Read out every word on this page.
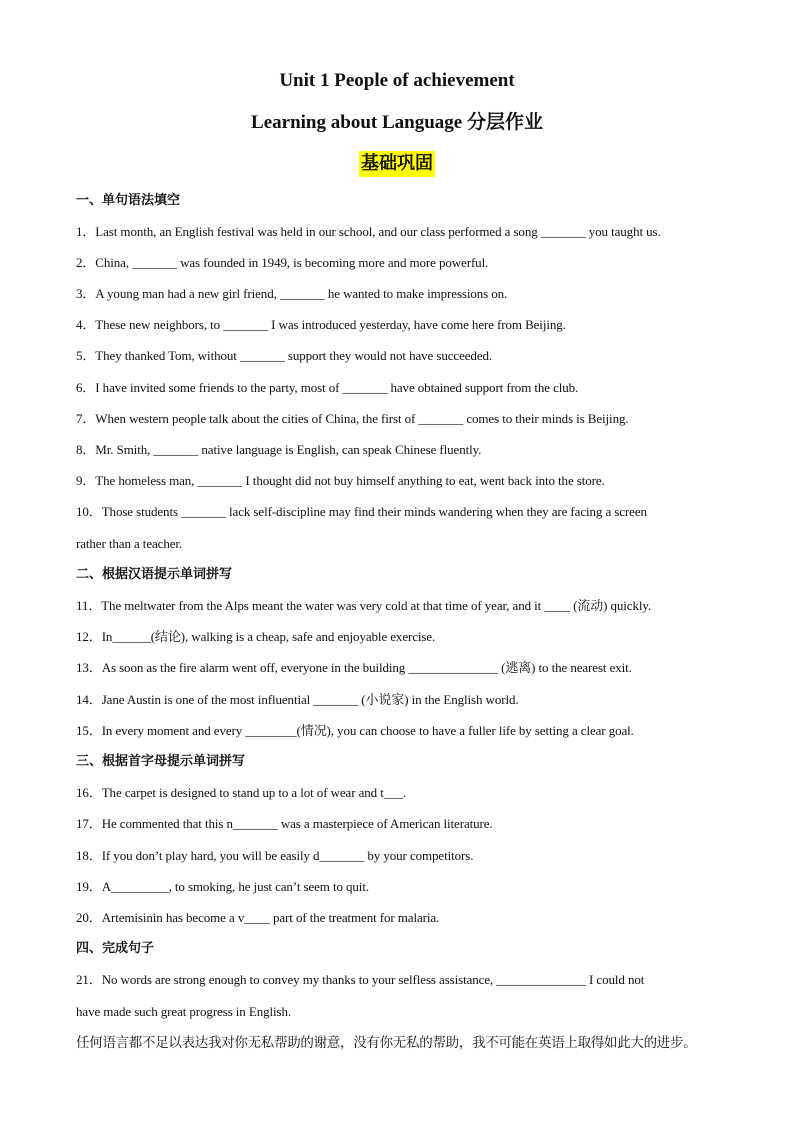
Unit 1 People of achievement
Learning about Language 分层作业
基础巩固
一、单句语法填空
1．Last month, an English festival was held in our school, and our class performed a song _______ you taught us.
2．China, _______ was founded in 1949, is becoming more and more powerful.
3．A young man had a new girl friend, _______ he wanted to make impressions on.
4．These new neighbors, to _______ I was introduced yesterday, have come here from Beijing.
5．They thanked Tom, without _______ support they would not have succeeded.
6．I have invited some friends to the party, most of _______ have obtained support from the club.
7．When western people talk about the cities of China, the first of _______ comes to their minds is Beijing.
8．Mr. Smith, _______ native language is English, can speak Chinese fluently.
9．The homeless man, _______ I thought did not buy himself anything to eat, went back into the store.
10．Those students _______ lack self-discipline may find their minds wandering when they are facing a screen
rather than a teacher.
二、根据汉语提示单词拼写
11．The meltwater from the Alps meant the water was very cold at that time of year, and it ____ (流动) quickly.
12．In______(结论), walking is a cheap, safe and enjoyable exercise.
13．As soon as the fire alarm went off, everyone in the building ______________ (逃离) to the nearest exit.
14．Jane Austin is one of the most influential _______ (小说家) in the English world.
15．In every moment and every ________(情况), you can choose to have a fuller life by setting a clear goal.
三、根据首字母提示单词拼写
16．The carpet is designed to stand up to a lot of wear and t___.
17．He commented that this n_______ was a masterpiece of American literature.
18．If you don’t play hard, you will be easily d_______ by your competitors.
19．A_________, to smoking, he just can’t seem to quit.
20．Artemisinin has become a v____ part of the treatment for malaria.
四、完成句子
21．No words are strong enough to convey my thanks to your selfless assistance, ______________ I could not
have made such great progress in English.
任何语言都不足以表达我对你无私帮助的谢意，没有你无私的帮助，我不可能在英语上取得如此大的进步。
